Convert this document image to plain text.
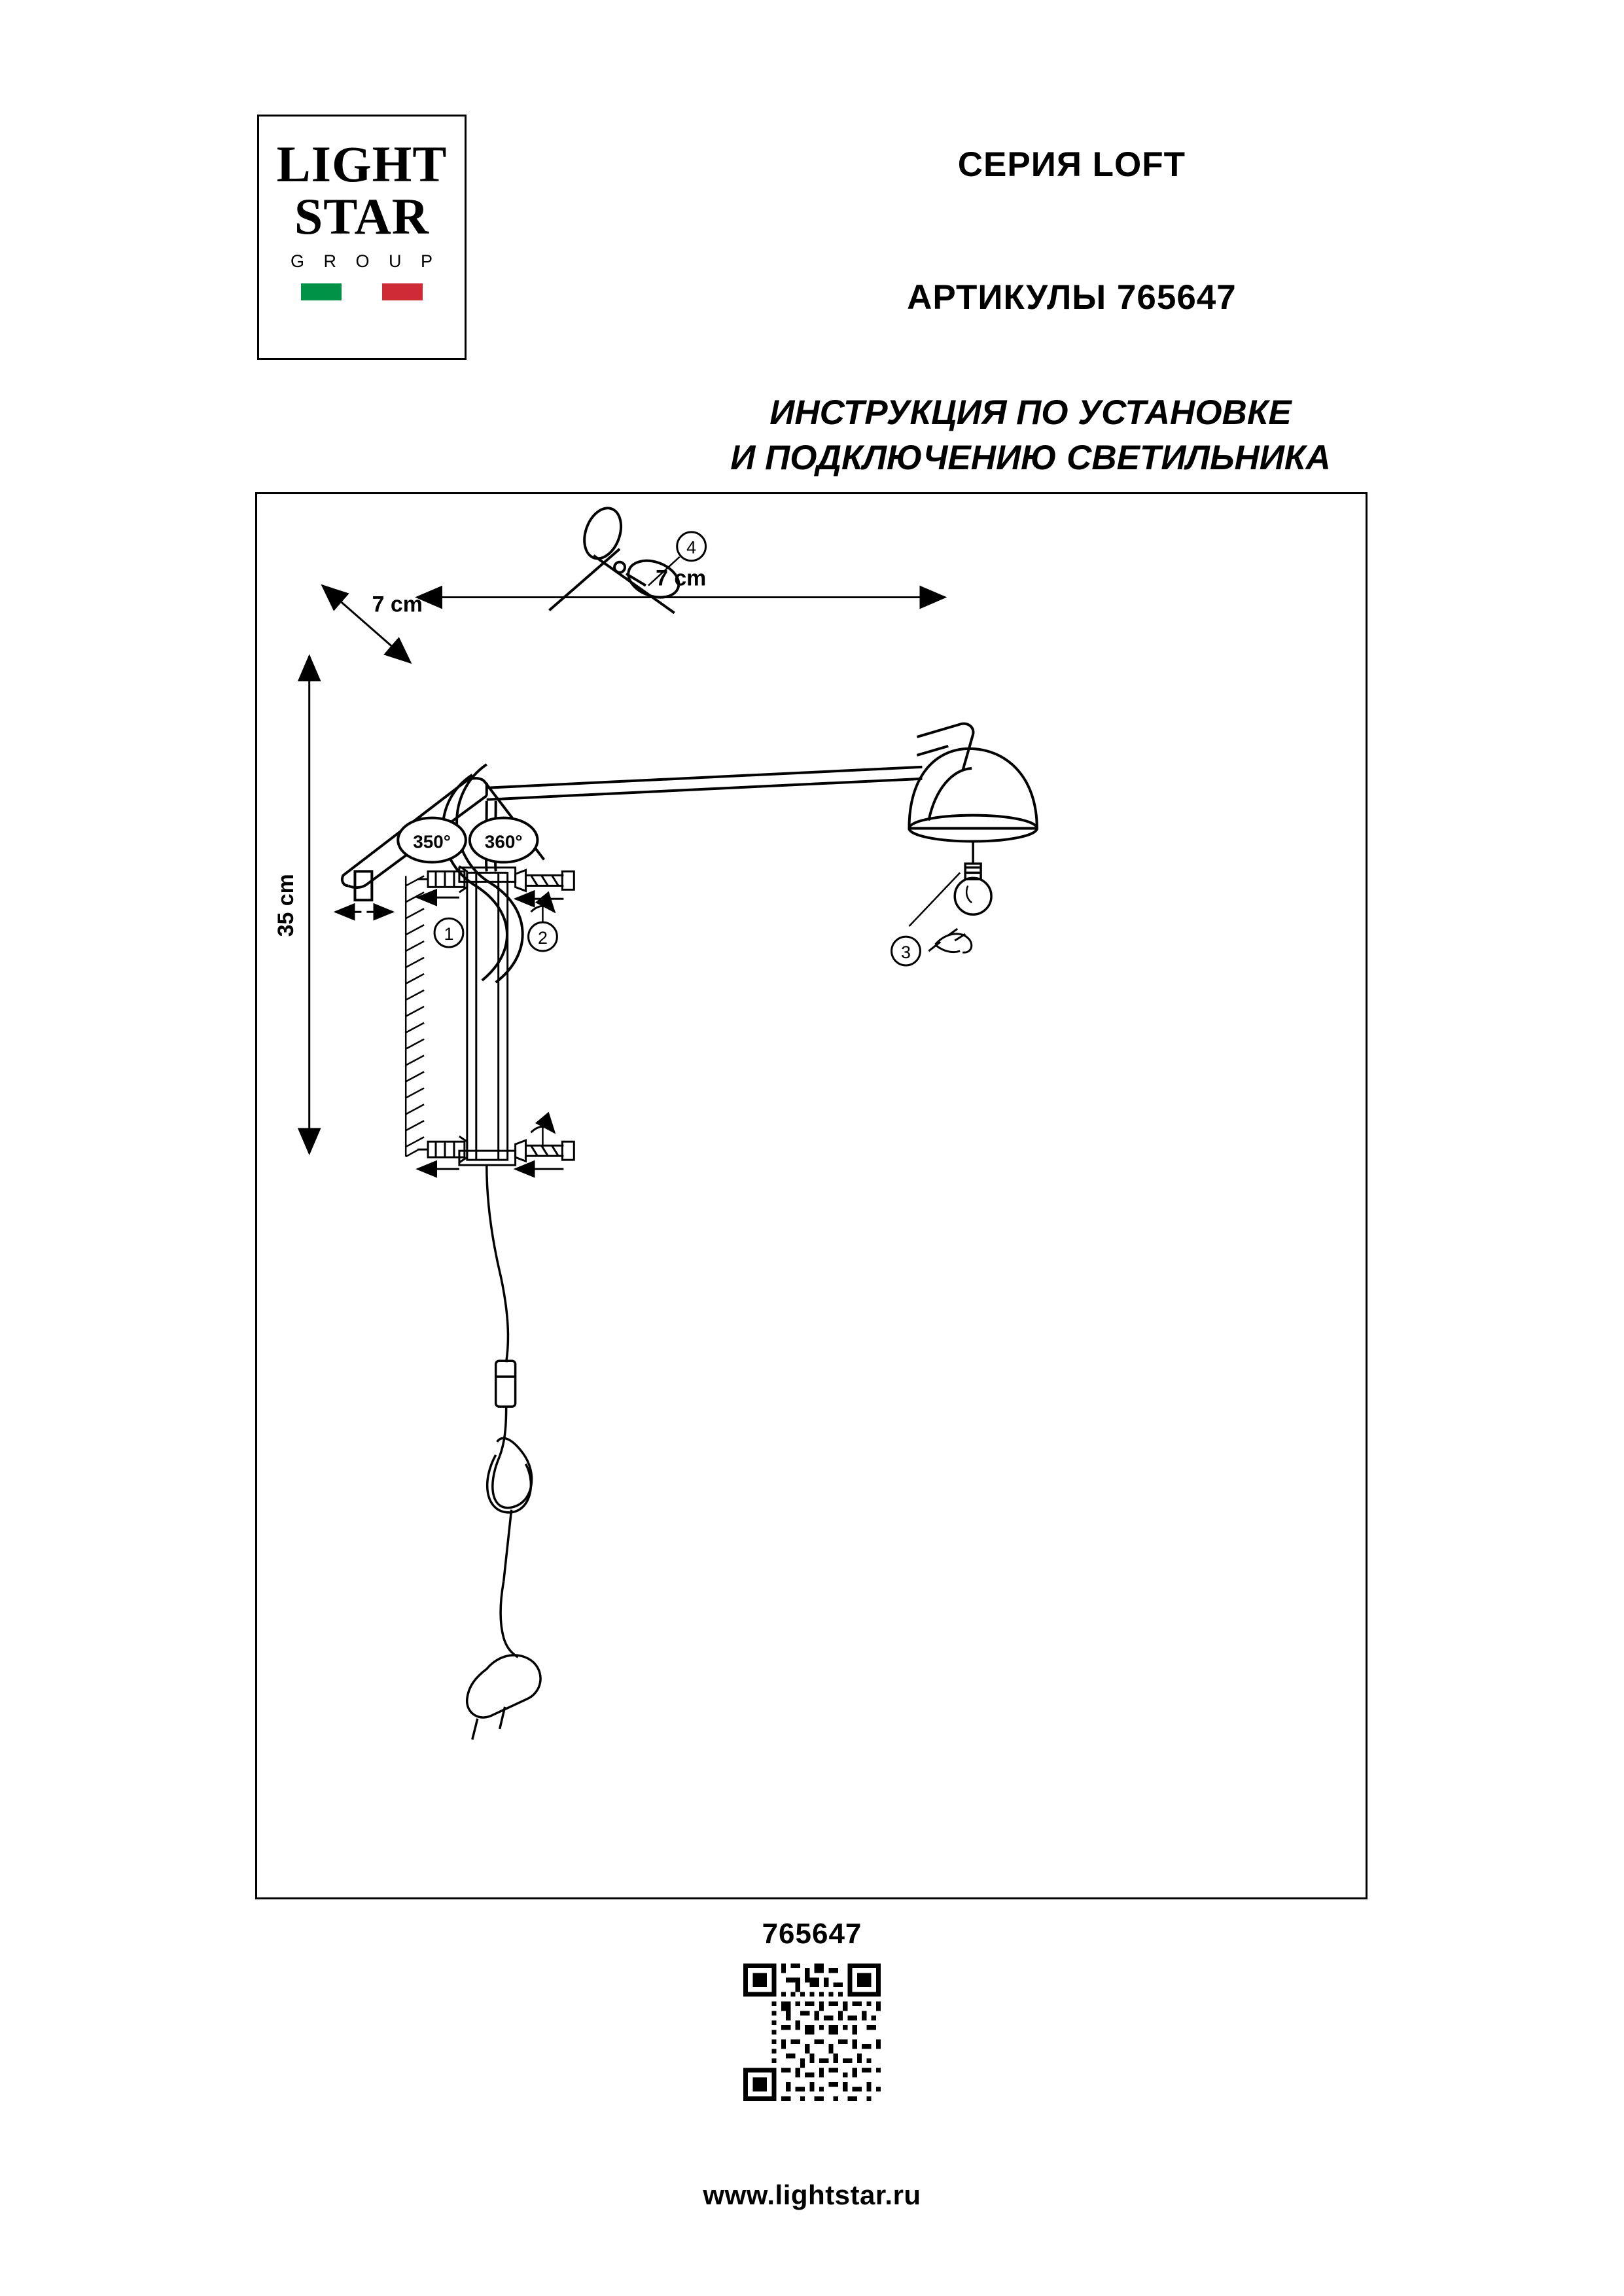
LIGHT
STAR
G R O U P

СЕРИЯ LOFT

АРТИКУЛЫ 765647

ИНСТРУКЦИЯ ПО УСТАНОВКЕ
И ПОДКЛЮЧЕНИЮ СВЕТИЛЬНИКА
7 cm
7 cm
35 cm
350° 360°
3
4
1	2
765647
www.lightstar.ru
